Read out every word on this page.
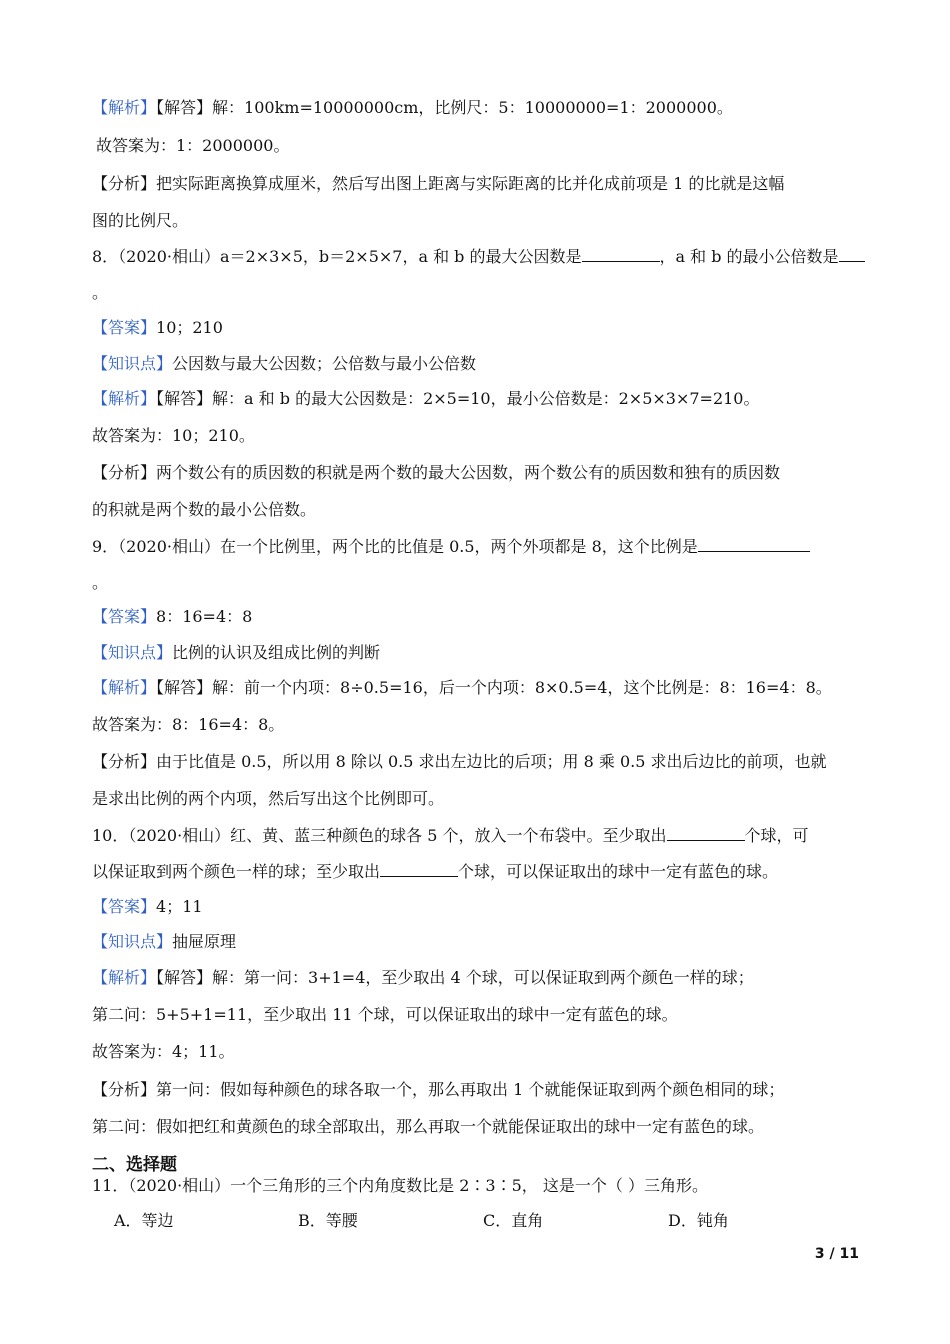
【解析】【解答】解：100km=10000000cm，比例尺：5：10000000=1：2000000。
故答案为：1：2000000。
【分析】把实际距离换算成厘米，然后写出图上距离与实际距离的比并化成前项是 1 的比就是这幅
图的比例尺。
8．（2020·相山）a＝2×3×5，b＝2×5×7，a 和 b 的最大公因数是	，a 和 b 的最小公倍数是
。
【答案】10；210
【知识点】公因数与最大公因数；公倍数与最小公倍数
【解析】【解答】解：a 和 b 的最大公因数是：2×5=10，最小公倍数是：2×5×3×7=210。
故答案为：10；210。
【分析】两个数公有的质因数的积就是两个数的最大公因数，两个数公有的质因数和独有的质因数
的积就是两个数的最小公倍数。
9．（2020·相山）在一个比例里，两个比的比值是 0.5，两个外项都是 8，这个比例是
。
【答案】8：16=4：8
【知识点】比例的认识及组成比例的判断
【解析】【解答】解：前一个内项：8÷0.5=16，后一个内项：8×0.5=4，这个比例是：8：16=4：8。
故答案为：8：16=4：8。
【分析】由于比值是 0.5，所以用 8 除以 0.5 求出左边比的后项；用 8 乘 0.5 求出后边比的前项，也就
是求出比例的两个内项，然后写出这个比例即可。
10．（2020·相山）红、黄、蓝三种颜色的球各 5 个，放入一个布袋中。至少取出	个球，可
以保证取到两个颜色一样的球；至少取出	个球，可以保证取出的球中一定有蓝色的球。
【答案】4；11
【知识点】抽屉原理
【解析】【解答】解：第一问：3+1=4，至少取出 4 个球，可以保证取到两个颜色一样的球；
第二问：5+5+1=11，至少取出 11 个球，可以保证取出的球中一定有蓝色的球。
故答案为：4；11。
【分析】第一问：假如每种颜色的球各取一个，那么再取出 1 个就能保证取到两个颜色相同的球；
第二问：假如把红和黄颜色的球全部取出，那么再取一个就能保证取出的球中一定有蓝色的球。
二、选择题
11．（2020·相山）一个三角形的三个内角度数比是 2∶3∶5， 这是一个（ ）三角形。
A．等边	B．等腰	C．直角	D．钝角
3 / 11
